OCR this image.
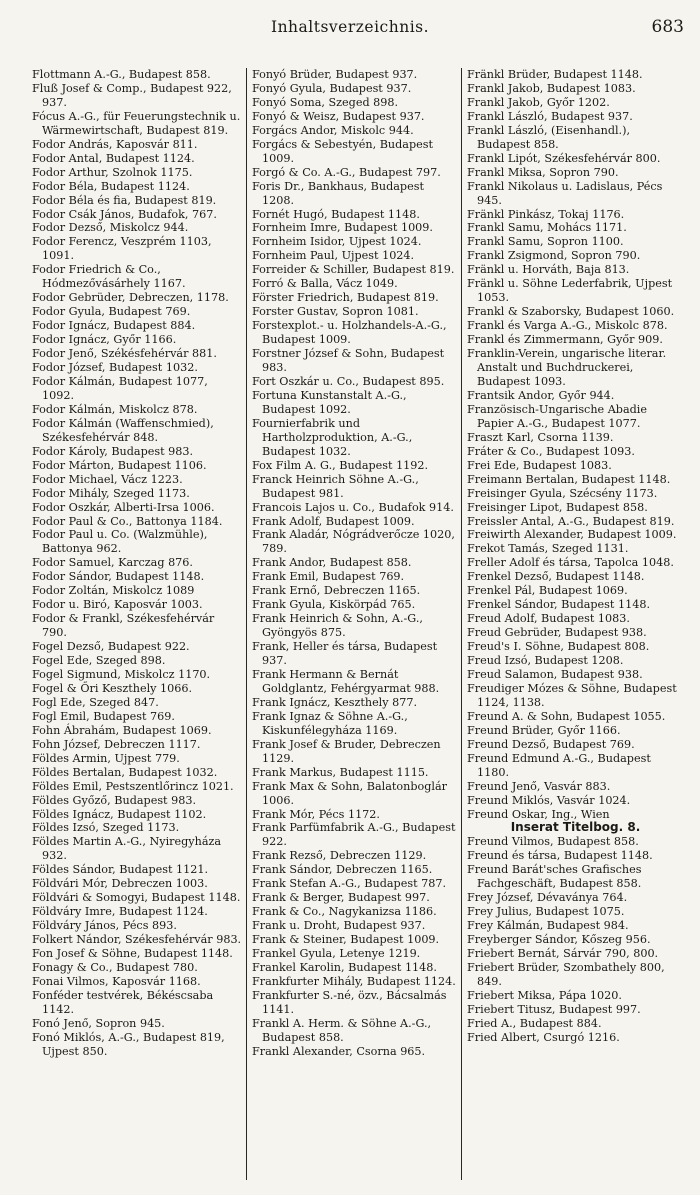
Inhaltsverzeichnis.	683
Flottmann A.-G., Budapest 858.
Fluß Josef & Comp., Budapest 922, 937.
Fócus A.-G., für Feuerungstechnik u. Wärmewirtschaft, Budapest 819.
Fodor András, Kaposvár 811.
Fodor Antal, Budapest 1124.
Fodor Arthur, Szolnok 1175.
Fodor Béla, Budapest 1124.
Fodor Béla és fia, Budapest 819.
Fodor Csák János, Budafok, 767.
Fodor Dezső, Miskolcz 944.
Fodor Ferencz, Veszprém 1103, 1091.
Fodor Friedrich & Co., Hódmezővásárhely 1167.
Fodor Gebrüder, Debreczen, 1178.
Fodor Gyula, Budapest 769.
Fodor Ignácz, Budapest 884.
Fodor Ignácz, Győr 1166.
Fodor Jenő, Székésfehérvár 881.
Fodor József, Budapest 1032.
Fodor Kálmán, Budapest 1077, 1092.
Fodor Kálmán, Miskolcz 878.
Fodor Kálmán (Waffenschmied), Székesfehérvár 848.
Fodor Károly, Budapest 983.
Fodor Márton, Budapest 1106.
Fodor Michael, Vácz 1223.
Fodor Mihály, Szeged 1173.
Fodor Oszkár, Alberti-Irsa 1006.
Fodor Paul & Co., Battonya 1184.
Fodor Paul u. Co. (Walzmühle), Battonya 962.
Fodor Samuel, Karczag 876.
Fodor Sándor, Budapest 1148.
Fodor Zoltán, Miskolcz 1089
Fodor u. Biró, Kaposvár 1003.
Fodor & Frankl, Székesfehérvár 790.
Fogel Dezső, Budapest 922.
Fogel Ede, Szeged 898.
Fogel Sigmund, Miskolcz 1170.
Fogel & Őri Keszthely 1066.
Fogl Ede, Szeged 847.
Fogl Emil, Budapest 769.
Fohn Ábrahám, Budapest 1069.
Fohn József, Debreczen 1117.
Földes Armin, Ujpest 779.
Földes Bertalan, Budapest 1032.
Földes Emil, Pestszentlőrincz 1021.
Földes Győző, Budapest 983.
Földes Ignácz, Budapest 1102.
Földes Izsó, Szeged 1173.
Földes Martin A.-G., Nyiregyháza 932.
Földes Sándor, Budapest 1121.
Földvári Mór, Debreczen 1003.
Földvári & Somogyi, Budapest 1148.
Földváry Imre, Budapest 1124.
Földváry János, Pécs 893.
Folkert Nándor, Székesfehérvár 983.
Fon Josef & Söhne, Budapest 1148.
Fonagy & Co., Budapest 780.
Fonai Vilmos, Kaposvár 1168.
Fonféder testvérek, Békéscsaba 1142.
Fonó Jenő, Sopron 945.
Fonó Miklós, A.-G., Budapest 819, Ujpest 850.
Fonyó Brüder, Budapest 937.
Fonyó Gyula, Budapest 937.
Fonyó Soma, Szeged 898.
Fonyó & Weisz, Budapest 937.
Forgács Andor, Miskolc 944.
Forgács & Sebestyén, Budapest 1009.
Forgó & Co. A.-G., Budapest 797.
Foris Dr., Bankhaus, Budapest 1208.
Fornét Hugó, Budapest 1148.
Fornheim Imre, Budapest 1009.
Fornheim Isidor, Ujpest 1024.
Fornheim Paul, Ujpest 1024.
Forreider & Schiller, Budapest 819.
Forró & Balla, Vácz 1049.
Förster Friedrich, Budapest 819.
Forster Gustav, Sopron 1081.
Forstexplot.- u. Holzhandels-A.-G., Budapest 1009.
Forstner József & Sohn, Budapest 983.
Fort Oszkár u. Co., Budapest 895.
Fortuna Kunstanstalt A.-G., Budapest 1092.
Fournierfabrik und Hartholzproduktion, A.-G., Budapest 1032.
Fox Film A. G., Budapest 1192.
Franck Heinrich Söhne A.-G., Budapest 981.
Francois Lajos u. Co., Budafok 914.
Frank Adolf, Budapest 1009.
Frank Aladár, Nógrádverőcze 1020, 789.
Frank Andor, Budapest 858.
Frank Emil, Budapest 769.
Frank Ernő, Debreczen 1165.
Frank Gyula, Kiskörpád 765.
Frank Heinrich & Sohn, A.-G., Gyöngyös 875.
Frank, Heller és társa, Budapest 937.
Frank Hermann & Bernát Goldglantz, Fehérgyarmat 988.
Frank Ignácz, Keszthely 877.
Frank Ignaz & Söhne A.-G., Kiskunfélegyháza 1169.
Frank Josef & Bruder, Debreczen 1129.
Frank Markus, Budapest 1115.
Frank Max & Sohn, Balatonboglár 1006.
Frank Mór, Pécs 1172.
Frank Parfümfabrik A.-G., Budapest 922.
Frank Rezső, Debreczen 1129.
Frank Sándor, Debreczen 1165.
Frank Stefan A.-G., Budapest 787.
Frank & Berger, Budapest 997.
Frank & Co., Nagykanizsa 1186.
Frank u. Droht, Budapest 937.
Frank & Steiner, Budapest 1009.
Frankel Gyula, Letenye 1219.
Frankel Karolin, Budapest 1148.
Frankfurter Mihály, Budapest 1124.
Frankfurter S.-né, özv., Bácsalmás 1141.
Frankl A. Herm. & Söhne A.-G., Budapest 858.
Frankl Alexander, Csorna 965.
Fränkl Brüder, Budapest 1148.
Frankl Jakob, Budapest 1083.
Frankl Jakob, Győr 1202.
Frankl László, Budapest 937.
Frankl László, (Eisenhandl.), Budapest 858.
Frankl Lipót, Székesfehérvár 800.
Frankl Miksa, Sopron 790.
Frankl Nikolaus u. Ladislaus, Pécs 945.
Fränkl Pinkász, Tokaj 1176.
Frankl Samu, Mohács 1171.
Frankl Samu, Sopron 1100.
Frankl Zsigmond, Sopron 790.
Fränkl u. Horváth, Baja 813.
Fränkl u. Söhne Lederfabrik, Ujpest 1053.
Frankl & Szaborsky, Budapest 1060.
Frankl és Varga A.-G., Miskolc 878.
Frankl és Zimmermann, Győr 909.
Franklin-Verein, ungarische literar. Anstalt und Buchdruckerei, Budapest 1093.
Frantsik Andor, Győr 944.
Französisch-Ungarische Abadie Papier A.-G., Budapest 1077.
Fraszt Karl, Csorna 1139.
Fráter & Co., Budapest 1093.
Frei Ede, Budapest 1083.
Freimann Bertalan, Budapest 1148.
Freisinger Gyula, Szécsény 1173.
Freisinger Lipot, Budapest 858.
Freissler Antal, A.-G., Budapest 819.
Freiwirth Alexander, Budapest 1009.
Frekot Tamás, Szeged 1131.
Freller Adolf és társa, Tapolca 1048.
Frenkel Dezső, Budapest 1148.
Frenkel Pál, Budapest 1069.
Frenkel Sándor, Budapest 1148.
Freud Adolf, Budapest 1083.
Freud Gebrüder, Budapest 938.
Freud's I. Söhne, Budapest 808.
Freud Izsó, Budapest 1208.
Freud Salamon, Budapest 938.
Freudiger Mózes & Söhne, Budapest 1124, 1138.
Freund A. & Sohn, Budapest 1055.
Freund Brüder, Győr 1166.
Freund Dezső, Budapest 769.
Freund Edmund A.-G., Budapest 1180.
Freund Jenő, Vasvár 883.
Freund Miklós, Vasvár 1024.
Freund Oskar, Ing., Wien
Inserat Titelbog. 8.
Freund Vilmos, Budapest 858.
Freund és társa, Budapest 1148.
Freund Barát'sches Grafisches Fachgeschäft, Budapest 858.
Frey József, Dévaványa 764.
Frey Julius, Budapest 1075.
Frey Kálmán, Budapest 984.
Freyberger Sándor, Kőszeg 956.
Friebert Bernát, Sárvár 790, 800.
Friebert Brüder, Szombathely 800, 849.
Friebert Miksa, Pápa 1020.
Friebert Titusz, Budapest 997.
Fried A., Budapest 884.
Fried Albert, Csurgó 1216.
